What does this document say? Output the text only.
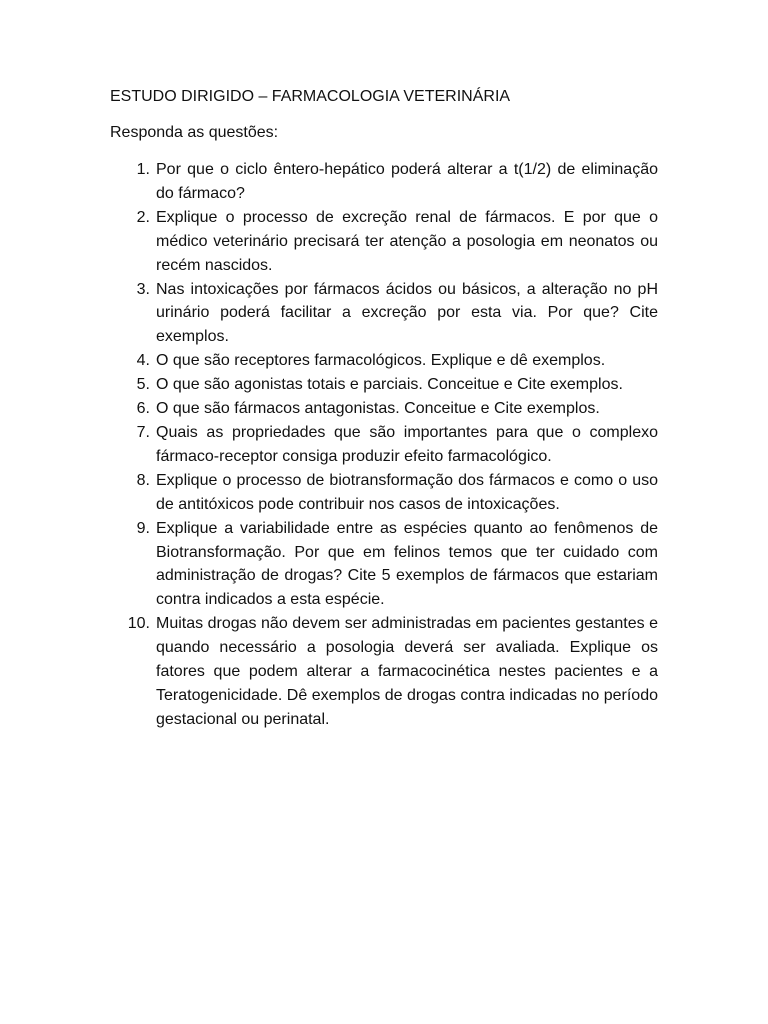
ESTUDO DIRIGIDO – FARMACOLOGIA VETERINÁRIA

Responda as questões:

1. Por que o ciclo êntero-hepático poderá alterar a t(1/2) de eliminação do fármaco?
2. Explique o processo de excreção renal de fármacos. E por que o médico veterinário precisará ter atenção a posologia em neonatos ou recém nascidos.
3. Nas intoxicações por fármacos ácidos ou básicos, a alteração no pH urinário poderá facilitar a excreção por esta via. Por que? Cite exemplos.
4. O que são receptores farmacológicos. Explique e dê exemplos.
5. O que são agonistas totais e parciais. Conceitue e Cite exemplos.
6. O que são fármacos antagonistas. Conceitue e Cite exemplos.
7. Quais as propriedades que são importantes para que o complexo fármaco-receptor consiga produzir efeito farmacológico.
8. Explique o processo de biotransformação dos fármacos e como o uso de antitóxicos pode contribuir nos casos de intoxicações.
9. Explique a variabilidade entre as espécies quanto ao fenômenos de Biotransformação. Por que em felinos temos que ter cuidado com administração de drogas? Cite 5 exemplos de fármacos que estariam contra indicados a esta espécie.
10. Muitas drogas não devem ser administradas em pacientes gestantes e quando necessário a posologia deverá ser avaliada. Explique os fatores que podem alterar a farmacocinética nestes pacientes e a Teratogenicidade. Dê exemplos de drogas contra indicadas no período gestacional ou perinatal.
